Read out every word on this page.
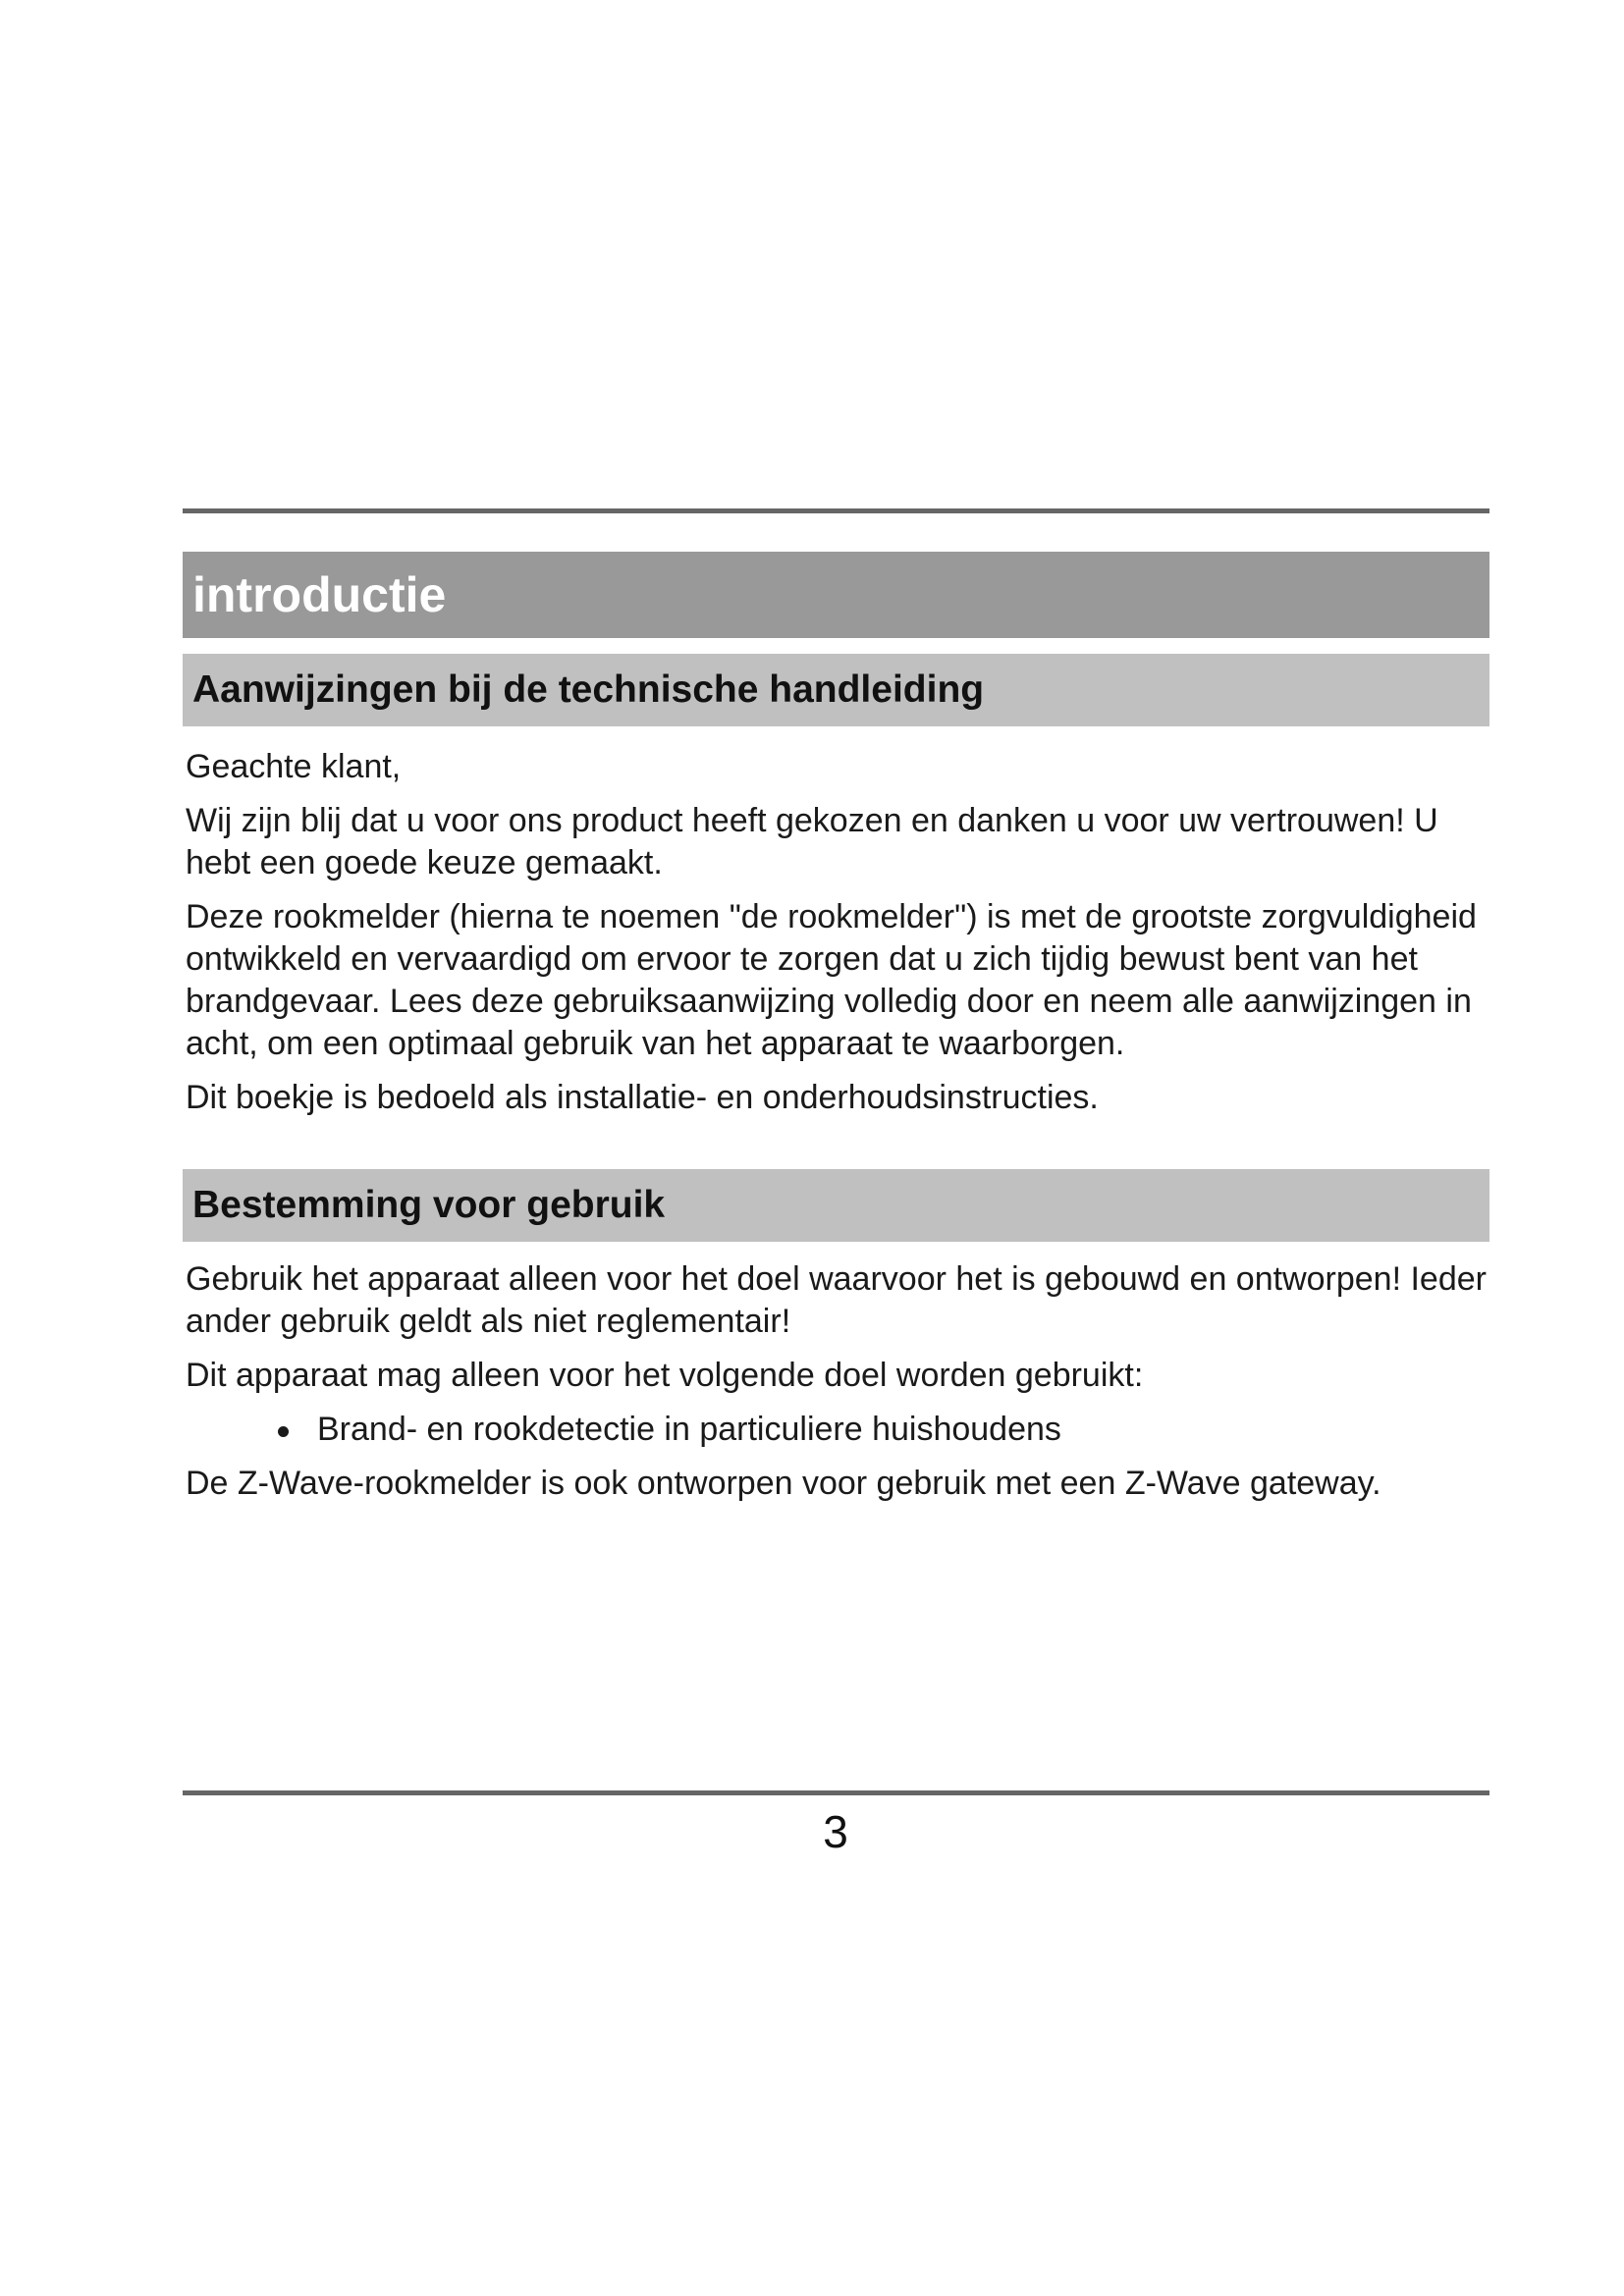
introductie
Aanwijzingen bij de technische handleiding

Geachte klant,

Wij zijn blij dat u voor ons product heeft gekozen en danken u voor uw vertrouwen! U hebt een goede keuze gemaakt.

Deze rookmelder (hierna te noemen "de rookmelder") is met de grootste zorgvuldigheid ontwikkeld en vervaardigd om ervoor te zorgen dat u zich tijdig bewust bent van het brandgevaar. Lees deze gebruiksaanwijzing volledig door en neem alle aanwijzingen in acht, om een optimaal gebruik van het apparaat te waarborgen.

Dit boekje is bedoeld als installatie- en onderhoudsinstructies.

Bestemming voor gebruik

Gebruik het apparaat alleen voor het doel waarvoor het is gebouwd en ontworpen! Ieder ander gebruik geldt als niet reglementair!

Dit apparaat mag alleen voor het volgende doel worden gebruikt:

Brand- en rookdetectie in particuliere huishoudens

De Z-Wave-rookmelder is ook ontworpen voor gebruik met een Z-Wave gateway.

3
